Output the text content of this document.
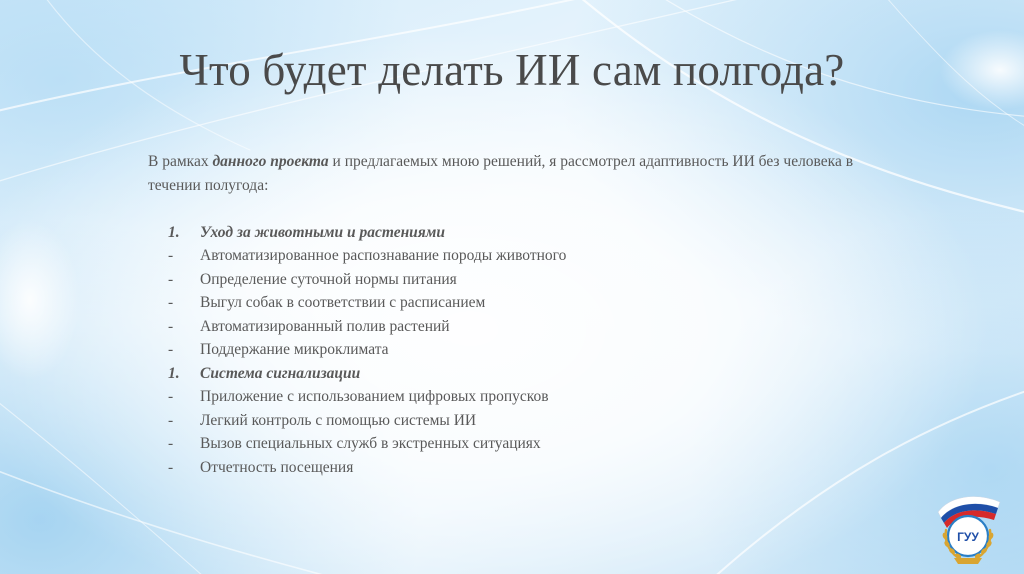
Что будет делать ИИ сам полгода?

В рамках данного проекта и предлагаемых мною решений, я рассмотрел адаптивность ИИ без человека в течении полугода:

1.	Уход за животными и растениями
-	Автоматизированное распознавание породы животного
-	Определение суточной нормы питания
-	Выгул собак в соответствии с расписанием
-	Автоматизированный полив растений
-	Поддержание микроклимата
1.	Система сигнализации
-	Приложение с использованием цифровых пропусков
-	Легкий контроль с помощью системы ИИ
-	Вызов специальных служб в экстренных ситуациях
-	Отчетность посещения
ГУУ
